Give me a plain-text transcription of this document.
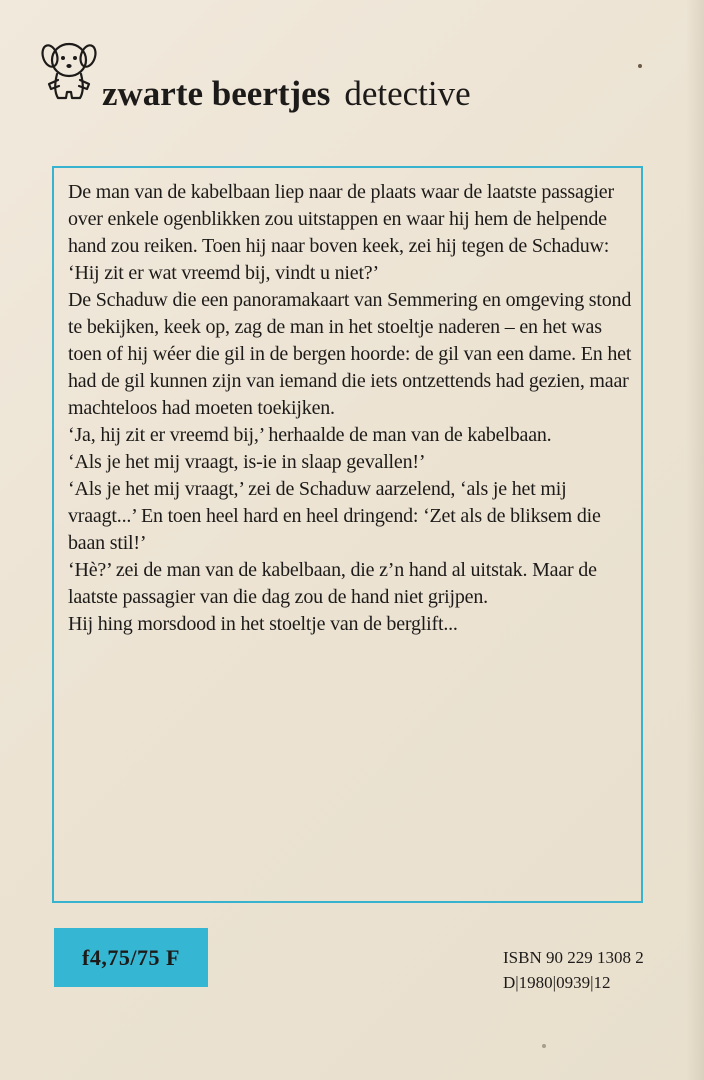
zwarte beertjes detective

De man van de kabelbaan liep naar de plaats waar de laatste passagier over enkele ogenblikken zou uitstappen en waar hij hem de helpende hand zou reiken. Toen hij naar boven keek, zei hij tegen de Schaduw: ‘Hij zit er wat vreemd bij, vindt u niet?’

De Schaduw die een panoramakaart van Semmering en omgeving stond te bekijken, keek op, zag de man in het stoeltje naderen – en het was toen of hij wéer die gil in de bergen hoorde: de gil van een dame. En het had de gil kunnen zijn van iemand die iets ontzettends had gezien, maar machteloos had moeten toekijken.

‘Ja, hij zit er vreemd bij,’ herhaalde de man van de kabelbaan.

‘Als je het mij vraagt, is-ie in slaap gevallen!’

‘Als je het mij vraagt,’ zei de Schaduw aarzelend, ‘als je het mij vraagt...’ En toen heel hard en heel dringend: ‘Zet als de bliksem die baan stil!’

‘Hè?’ zei de man van de kabelbaan, die z’n hand al uitstak. Maar de laatste passagier van die dag zou de hand niet grijpen.

Hij hing morsdood in het stoeltje van de berglift...

f4,75/75 F	ISBN 90 229 1308 2
D|1980|0939|12
